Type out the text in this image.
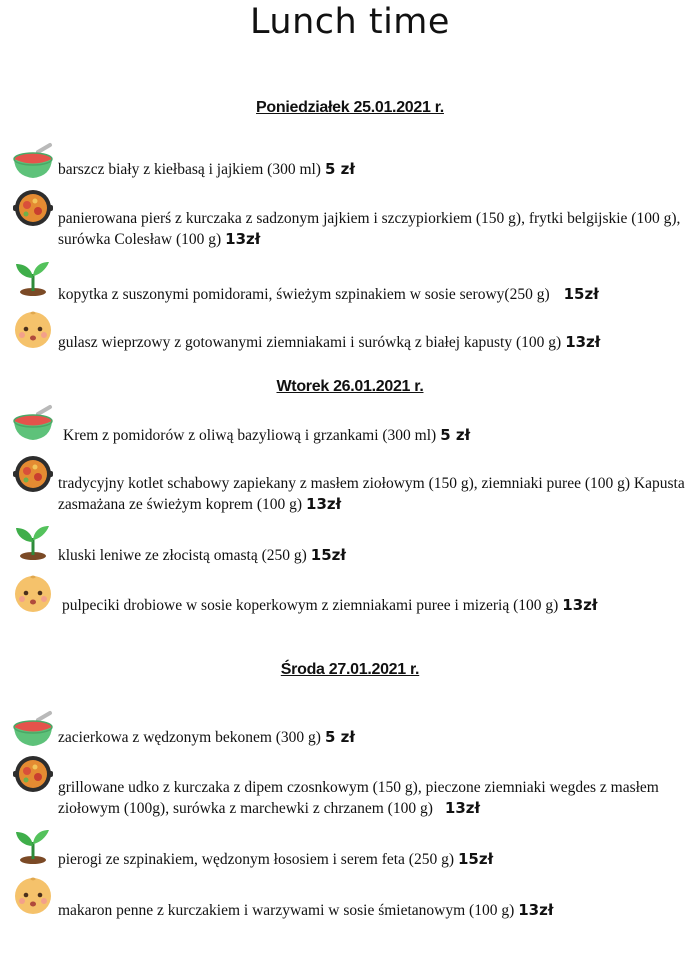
Lunch time
Poniedziałek 25.01.2021 r.
barszcz biały z kiełbasą i jajkiem (300 ml) 5 zł
panierowana pierś z kurczaka z sadzonym jajkiem i szczypiorkiem (150 g), frytki belgijskie (100 g), surówka Colesław (100 g) 13zł
kopytka z suszonymi pomidorami, świeżym szpinakiem w sosie serowy(250 g) 15zł
gulasz wieprzowy z gotowanymi ziemniakami i surówką z białej kapusty (100 g) 13zł
Wtorek 26.01.2021 r.
Krem z pomidorów z oliwą bazyliową i grzankami (300 ml) 5 zł
tradycyjny kotlet schabowy zapiekany z masłem ziołowym (150 g), ziemniaki puree (100 g) Kapusta zasmażana ze świeżym koprem (100 g) 13zł
kluski leniwe ze złocistą omastą (250 g) 15zł
pulpeciki drobiowe w sosie koperkowym z ziemniakami puree i mizerią (100 g) 13zł
Środa 27.01.2021 r.
zacierkowa z wędzonym bekonem (300 g) 5 zł
grillowane udko z kurczaka z dipem czosnkowym (150 g), pieczone ziemniaki wegdes z masłem ziołowym (100g), surówka z marchewki z chrzanem (100 g) 13zł
pierogi ze szpinakiem, wędzonym łososiem i serem feta (250 g) 15zł
makaron penne z kurczakiem i warzywami w sosie śmietanowym (100 g) 13zł
